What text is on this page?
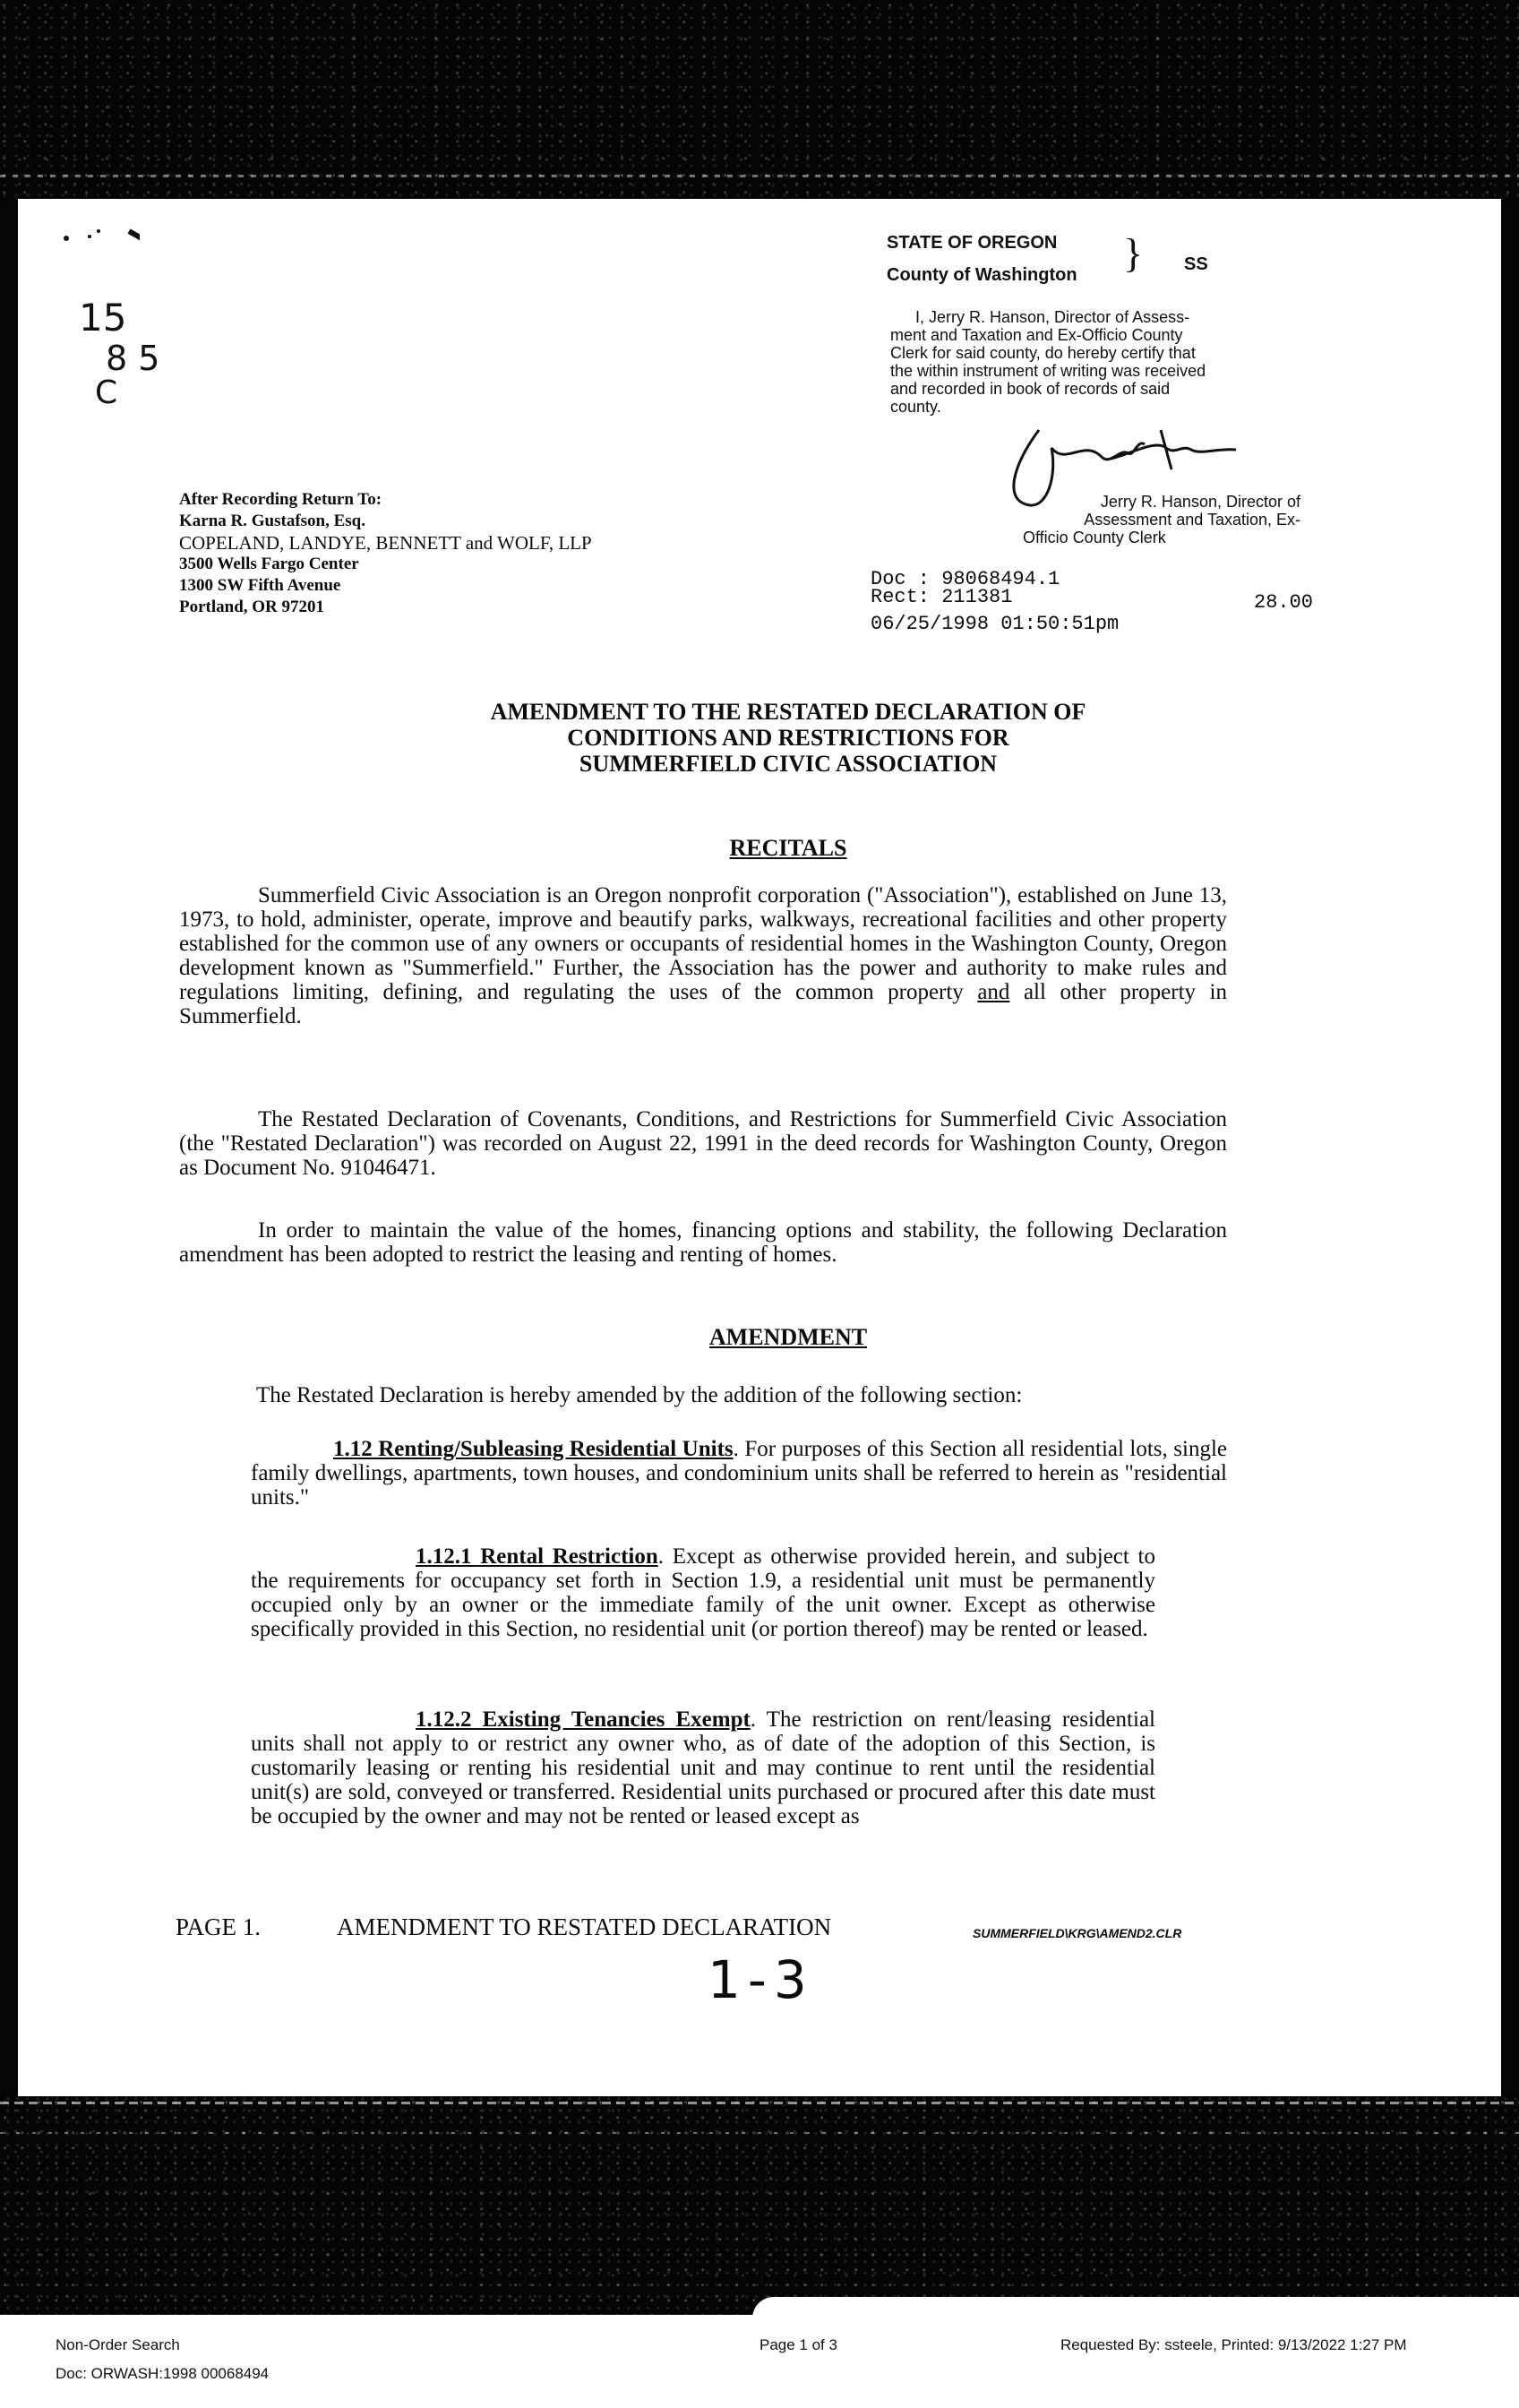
15
8 5
C
STATE OF OREGON
County of Washington } SS
I, Jerry R. Hanson, Director of Assess-
ment and Taxation and Ex-Officio County
Clerk for said county, do hereby certify that
the within instrument of writing was received
and recorded in book of records of said
county.
Jerry R. Hanson, Director of
Assessment and Taxation, Ex-
Officio County Clerk
Doc : 98068494.1
Rect: 211381	28.00
06/25/1998 01:50:51pm
After Recording Return To:
Karna R. Gustafson, Esq.
COPELAND, LANDYE, BENNETT and WOLF, LLP
3500 Wells Fargo Center
1300 SW Fifth Avenue
Portland, OR 97201
AMENDMENT TO THE RESTATED DECLARATION OF
CONDITIONS AND RESTRICTIONS FOR
SUMMERFIELD CIVIC ASSOCIATION
RECITALS
Summerfield Civic Association is an Oregon nonprofit corporation ("Association"), established on June 13, 1973, to hold, administer, operate, improve and beautify parks, walkways, recreational facilities and other property established for the common use of any owners or occupants of residential homes in the Washington County, Oregon development known as "Summerfield." Further, the Association has the power and authority to make rules and regulations limiting, defining, and regulating the uses of the common property and all other property in Summerfield.
The Restated Declaration of Covenants, Conditions, and Restrictions for Summerfield Civic Association (the "Restated Declaration") was recorded on August 22, 1991 in the deed records for Washington County, Oregon as Document No. 91046471.
In order to maintain the value of the homes, financing options and stability, the following Declaration amendment has been adopted to restrict the leasing and renting of homes.
AMENDMENT
The Restated Declaration is hereby amended by the addition of the following section:
1.12 Renting/Subleasing Residential Units. For purposes of this Section all residential lots, single family dwellings, apartments, town houses, and condominium units shall be referred to herein as "residential units."
1.12.1 Rental Restriction. Except as otherwise provided herein, and subject to the requirements for occupancy set forth in Section 1.9, a residential unit must be permanently occupied only by an owner or the immediate family of the unit owner. Except as otherwise specifically provided in this Section, no residential unit (or portion thereof) may be rented or leased.
1.12.2 Existing Tenancies Exempt. The restriction on rent/leasing residential units shall not apply to or restrict any owner who, as of date of the adoption of this Section, is customarily leasing or renting his residential unit and may continue to rent until the residential unit(s) are sold, conveyed or transferred. Residential units purchased or procured after this date must be occupied by the owner and may not be rented or leased except as
PAGE 1.	AMENDMENT TO RESTATED DECLARATION	SUMMERFIELD\KRG\AMEND2.CLR
1-3
Non-Order Search
Doc: ORWASH:1998 00068494
Page 1 of 3	Requested By: ssteele, Printed: 9/13/2022 1:27 PM
